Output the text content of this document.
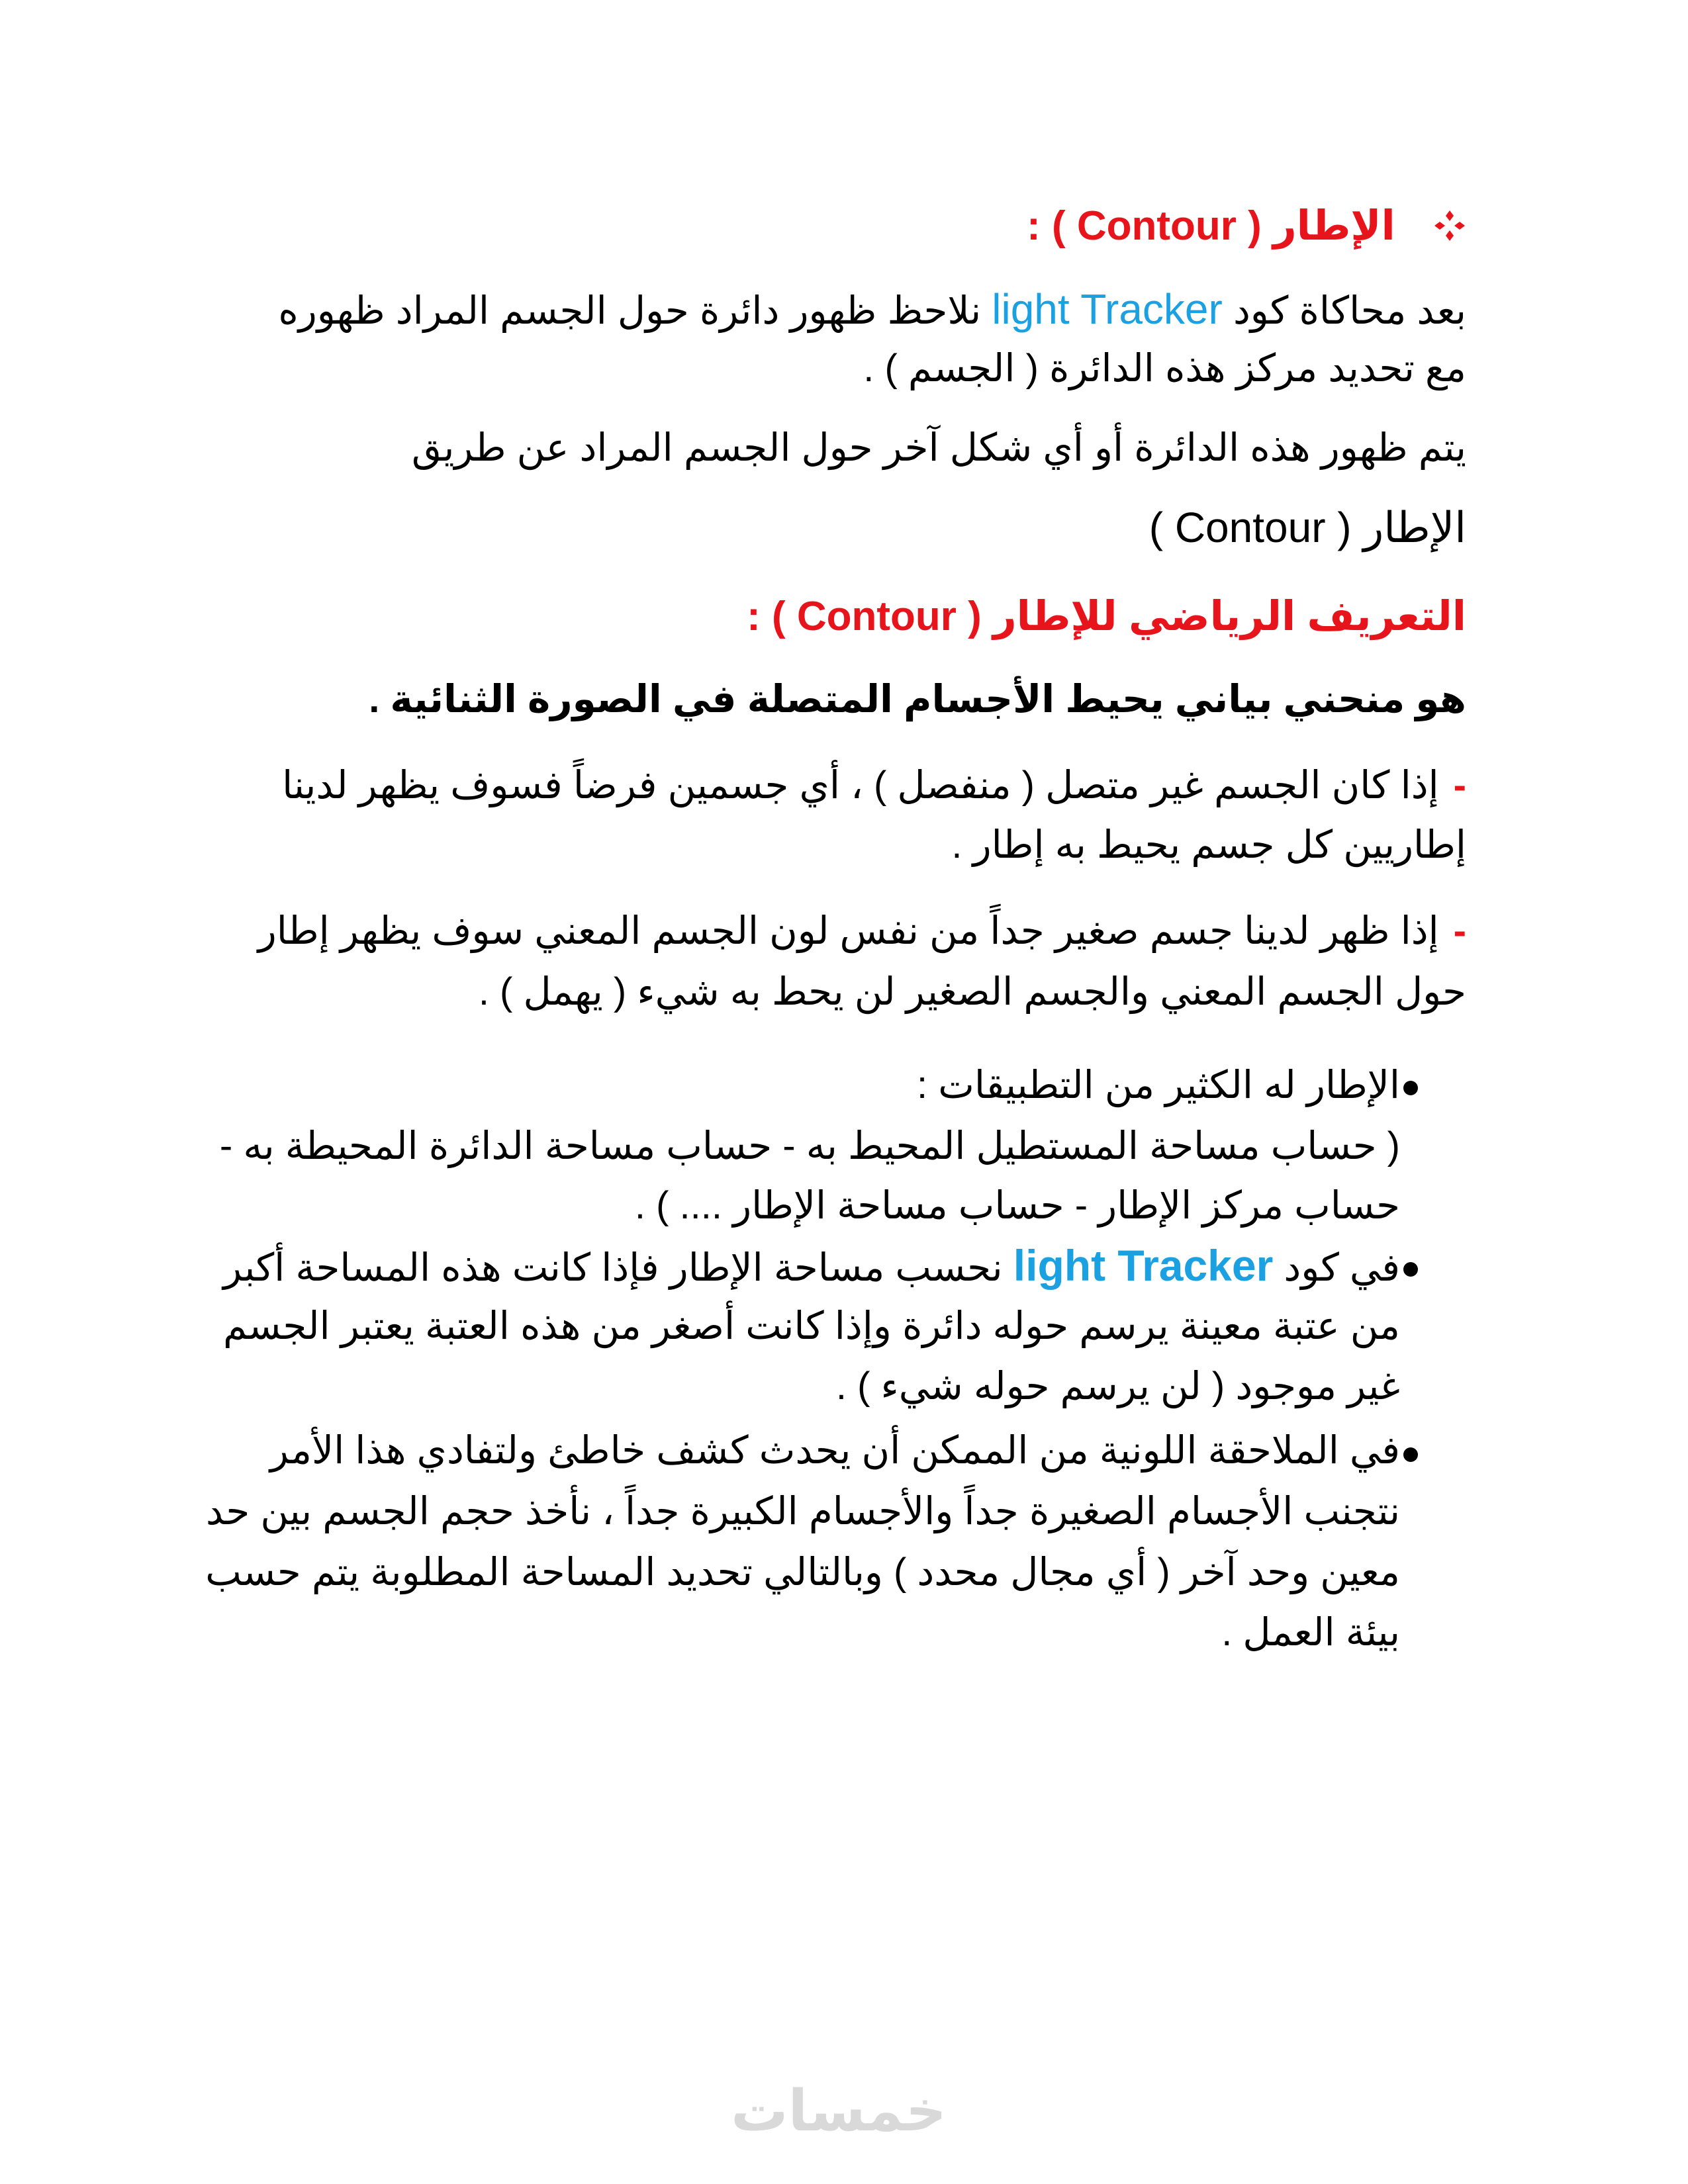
الإطار ( Contour ) :
بعد محاكاة كود light Tracker نلاحظ ظهور دائرة حول الجسم المراد ظهوره
مع تحديد مركز هذه الدائرة ( الجسم ) .
يتم ظهور هذه الدائرة أو أي شكل آخر حول الجسم المراد عن طريق
الإطار ( Contour )
التعريف الرياضي للإطار ( Contour ) :
هو منحني بياني يحيط الأجسام المتصلة في الصورة الثنائية .
-إذا كان الجسم غير متصل ( منفصل ) ، أي جسمين فرضاً فسوف يظهر لدينا
إطاريين كل جسم يحيط به إطار .
-إذا ظهر لدينا جسم صغير جداً من نفس لون الجسم المعني سوف يظهر إطار
حول الجسم المعني والجسم الصغير لن يحط به شيء ( يهمل ) .
الإطار له الكثير من التطبيقات :
( حساب مساحة المستطيل المحيط به - حساب مساحة الدائرة المحيطة به -
حساب مركز الإطار - حساب مساحة الإطار .... ) .
في كود light Tracker نحسب مساحة الإطار فإذا كانت هذه المساحة أكبر
من عتبة معينة يرسم حوله دائرة وإذا كانت أصغر من هذه العتبة يعتبر الجسم
غير موجود ( لن يرسم حوله شيء ) .
في الملاحقة اللونية من الممكن أن يحدث كشف خاطئ ولتفادي هذا الأمر
نتجنب الأجسام الصغيرة جداً والأجسام الكبيرة جداً ، نأخذ حجم الجسم بين حد
معين وحد آخر ( أي مجال محدد ) وبالتالي تحديد المساحة المطلوبة يتم حسب
بيئة العمل .
خمسات
